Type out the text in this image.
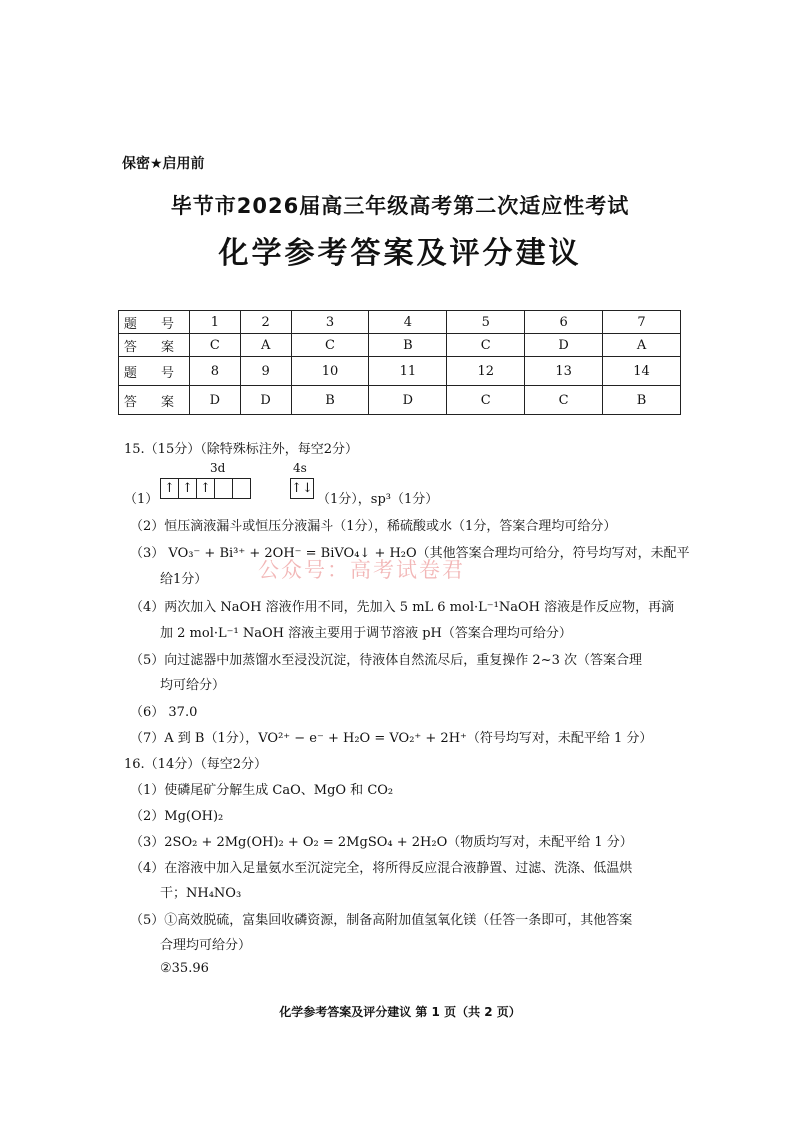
保密★启用前
毕节市2026届高三年级高考第二次适应性考试
化学参考答案及评分建议
题 号	1	2	3	4	5	6	7
答 案	C	A	C	B	C	D	A
题 号	8	9	10	11	12	13	14
答 案	D	D	B	D	C	C	B
15.（15分）（除特殊标注外，每空2分）
3d	4s
（1）
↑ ↑ ↑	↑↓
（1分），sp³（1分）
（2）恒压滴液漏斗或恒压分液漏斗（1分），稀硫酸或水（1分，答案合理均可给分）
（3） VO₃⁻ + Bi³⁺ + 2OH⁻ = BiVO₄↓ + H₂O（其他答案合理均可给分，符号均写对，未配平
给1分） 公众号：高考试卷君
（4）两次加入 NaOH 溶液作用不同，先加入 5 mL 6 mol·L⁻¹NaOH 溶液是作反应物，再滴
加 2 mol·L⁻¹ NaOH 溶液主要用于调节溶液 pH（答案合理均可给分）
（5）向过滤器中加蒸馏水至浸没沉淀，待液体自然流尽后，重复操作 2~3 次（答案合理
均可给分）
（6） 37.0
（7）A 到 B（1分），VO²⁺ − e⁻ + H₂O = VO₂⁺ + 2H⁺（符号均写对，未配平给 1 分）
16.（14分）（每空2分）
（1）使磷尾矿分解生成 CaO、MgO 和 CO₂
（2）Mg(OH)₂
（3）2SO₂ + 2Mg(OH)₂ + O₂ = 2MgSO₄ + 2H₂O（物质均写对，未配平给 1 分）
（4）在溶液中加入足量氨水至沉淀完全，将所得反应混合液静置、过滤、洗涤、低温烘
干；NH₄NO₃
（5）①高效脱硫，富集回收磷资源，制备高附加值氢氧化镁（任答一条即可，其他答案
合理均可给分）
②35.96
化学参考答案及评分建议 第 1 页（共 2 页）
